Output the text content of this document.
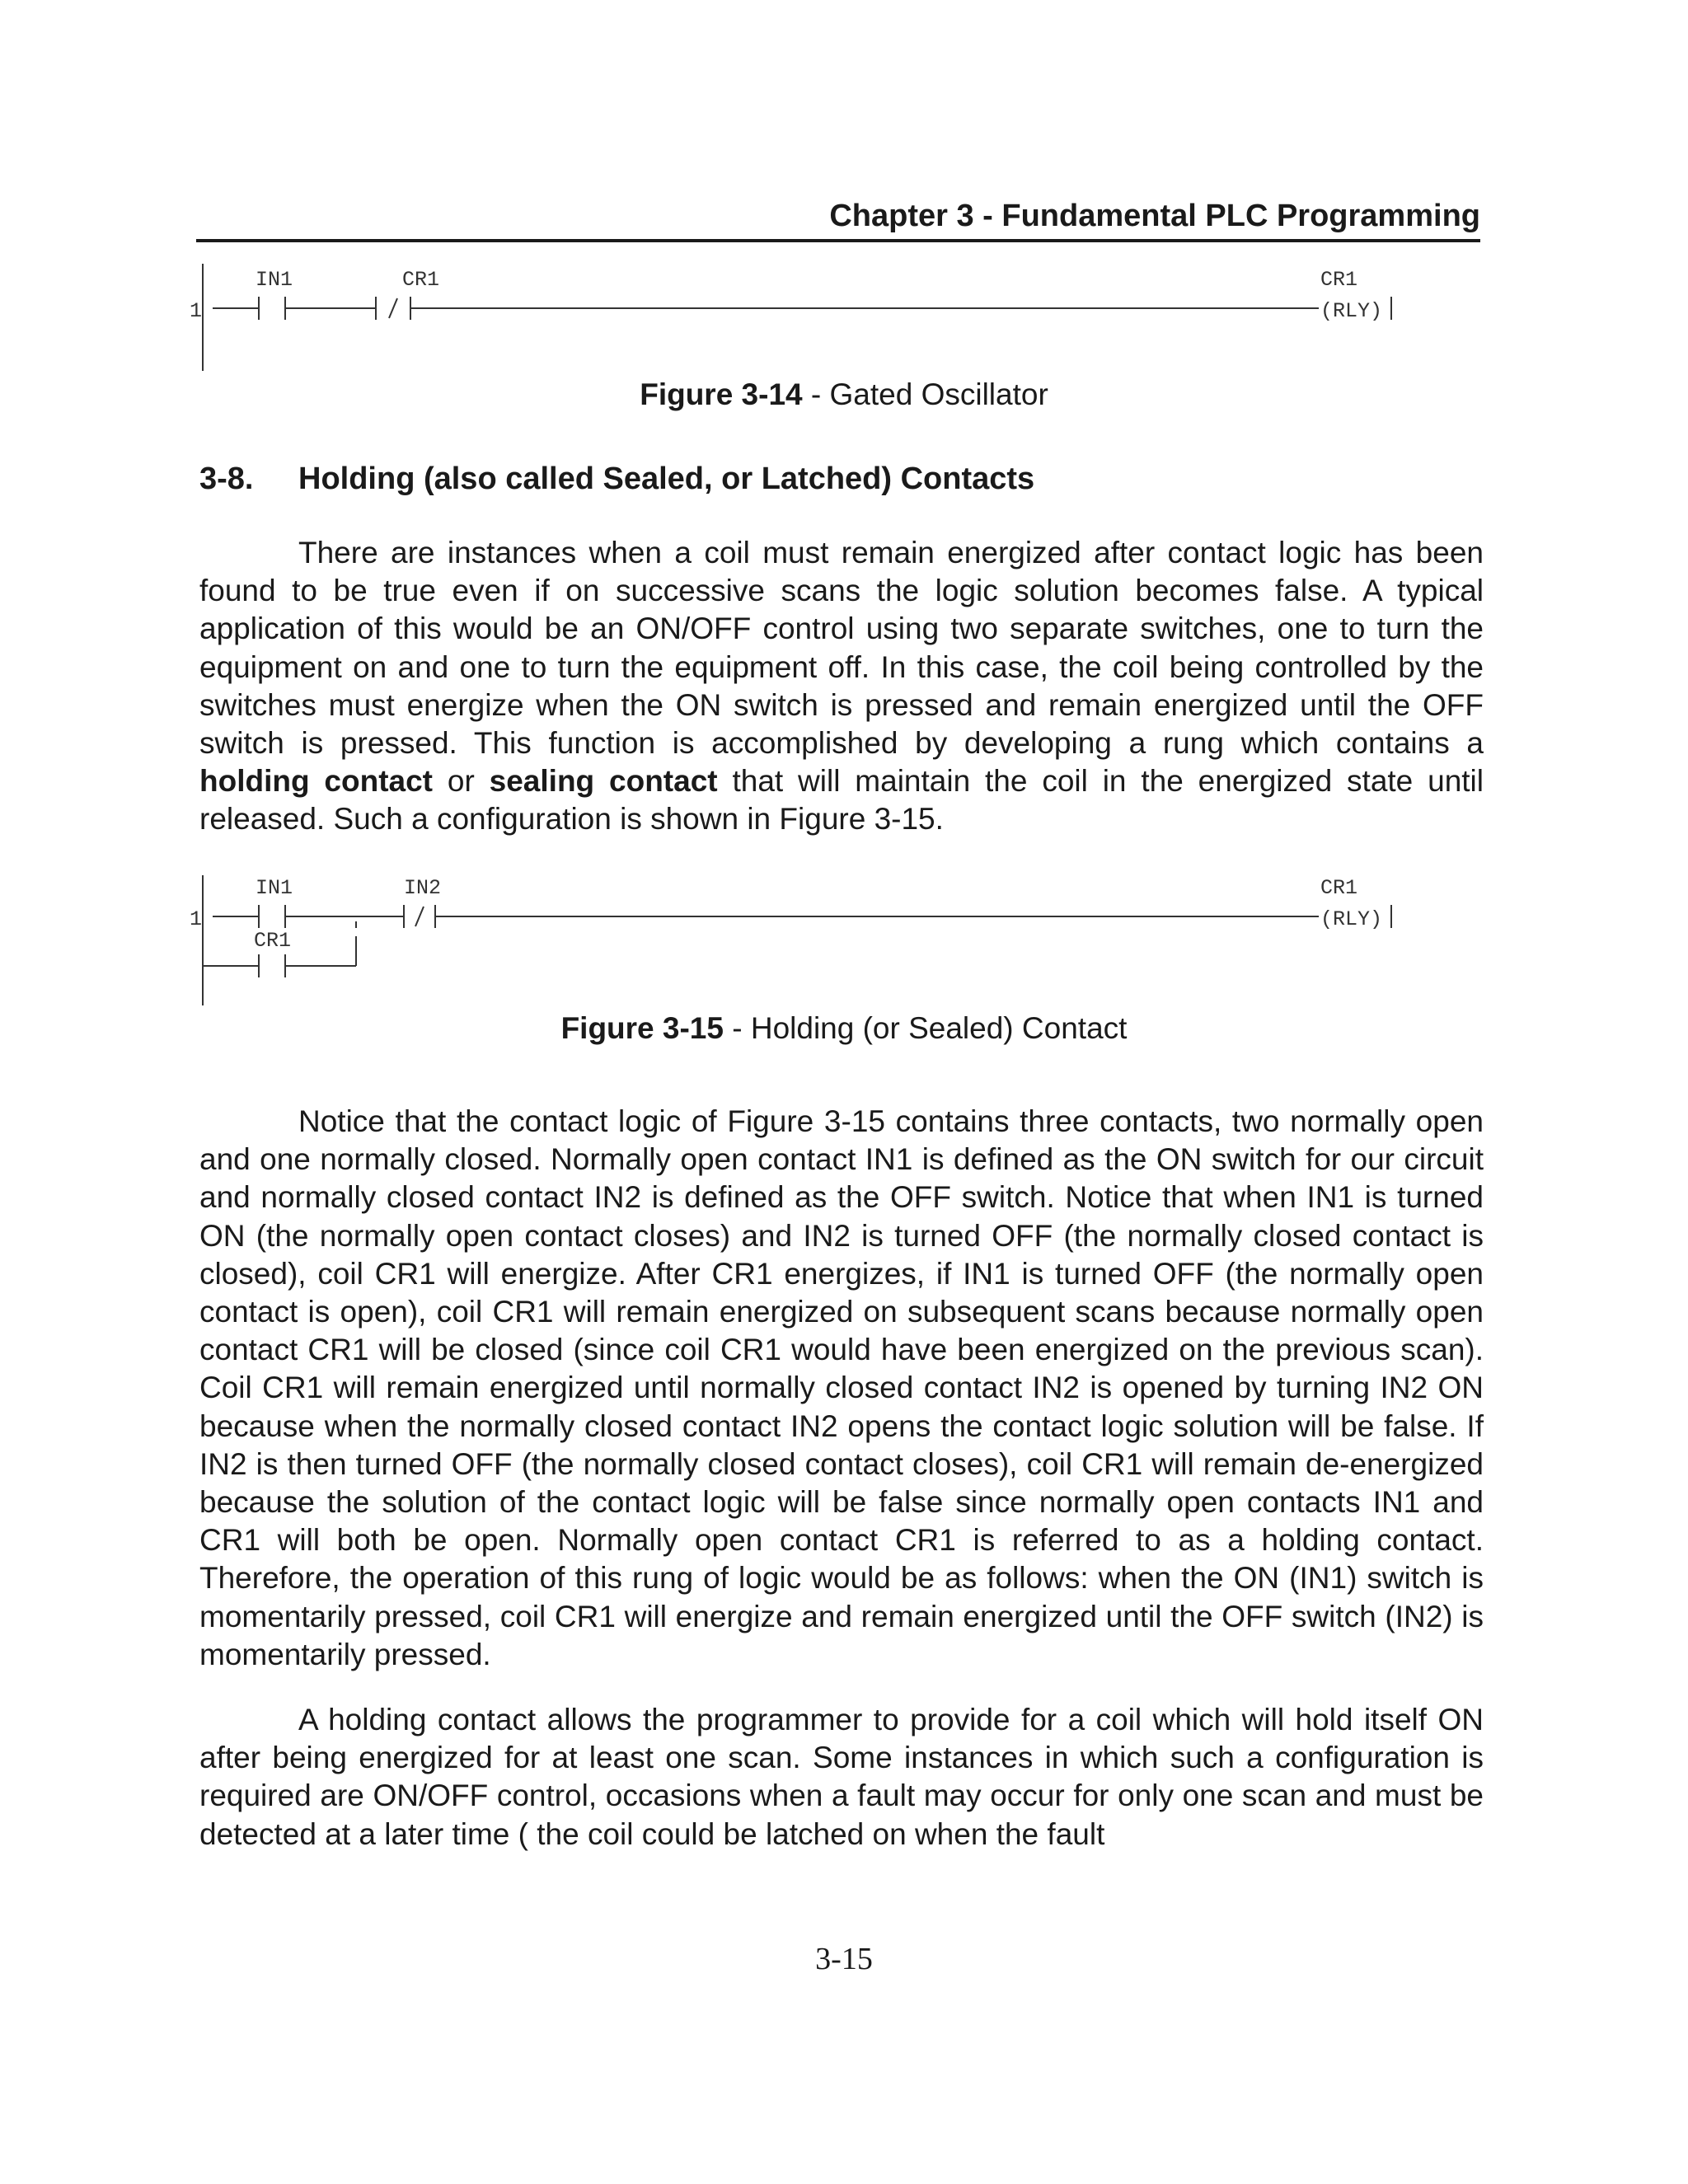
Chapter 3 - Fundamental PLC Programming
1
IN1	CR1	CR1
(RLY)
Figure 3-14 - Gated Oscillator
3-8. Holding (also called Sealed, or Latched) Contacts

There are instances when a coil must remain energized after contact logic has been found to be true even if on successive scans the logic solution becomes false. A typical application of this would be an ON/OFF control using two separate switches, one to turn the equipment on and one to turn the equipment off. In this case, the coil being controlled by the switches must energize when the ON switch is pressed and remain energized until the OFF switch is pressed. This function is accomplished by developing a rung which contains a holding contact or sealing contact that will maintain the coil in the energized state until released. Such a configuration is shown in Figure 3-15.

1
IN1	IN2
CR1
CR1
(RLY)
Figure 3-15 - Holding (or Sealed) Contact

Notice that the contact logic of Figure 3-15 contains three contacts, two normally open and one normally closed. Normally open contact IN1 is defined as the ON switch for our circuit and normally closed contact IN2 is defined as the OFF switch. Notice that when IN1 is turned ON (the normally open contact closes) and IN2 is turned OFF (the normally closed contact is closed), coil CR1 will energize. After CR1 energizes, if IN1 is turned OFF (the normally open contact is open), coil CR1 will remain energized on subsequent scans because normally open contact CR1 will be closed (since coil CR1 would have been energized on the previous scan). Coil CR1 will remain energized until normally closed contact IN2 is opened by turning IN2 ON because when the normally closed contact IN2 opens the contact logic solution will be false. If IN2 is then turned OFF (the normally closed contact closes), coil CR1 will remain de-energized because the solution of the contact logic will be false since normally open contacts IN1 and CR1 will both be open. Normally open contact CR1 is referred to as a holding contact. Therefore, the operation of this rung of logic would be as follows: when the ON (IN1) switch is momentarily pressed, coil CR1 will energize and remain energized until the OFF switch (IN2) is momentarily pressed.

A holding contact allows the programmer to provide for a coil which will hold itself ON after being energized for at least one scan. Some instances in which such a configuration is required are ON/OFF control, occasions when a fault may occur for only one scan and must be detected at a later time ( the coil could be latched on when the fault

3-15
